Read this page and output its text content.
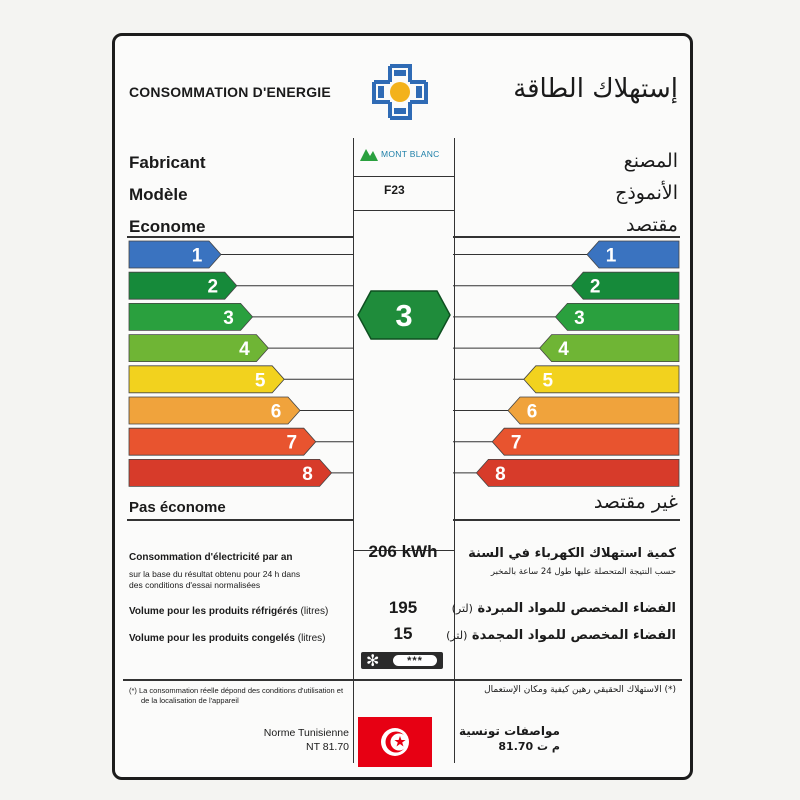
CONSOMMATION D'ENERGIE	إستهلاك الطاقة
Fabricant	المصنع
Modèle	الأنموذج
Econome	مقتصد
Pas économe	غير مقتصد
MONT BLANC
F23
3
1	1
2	2
3	3
4	4
5	5
6	6
7	7
8	8
Consommation d'électricité par an
sur la base du résultat obtenu pour 24 h dans
des conditions d'essai normalisées
كمية استهلاك الكهرباء في السنة
حسب النتيجة المتحصلة عليها طول 24 ساعة بالمخبر
206 kWh
Volume pour les produits réfrigérés (litres)	الفضاء المخصص للمواد المبردة (لتر)
195
Volume pour les produits congelés (litres)	الفضاء المخصص للمواد المجمدة (لتر)
15
✻	***
(*) La consommation réelle dépond des conditions d'utilisation et
de la localisation de l'appareil
(*) الاستهلاك الحقيقي رهين كيفية ومكان الإستعمال
Norme Tunisienne
NT 81.70
مواصفات تونسية
م ت 81.70
